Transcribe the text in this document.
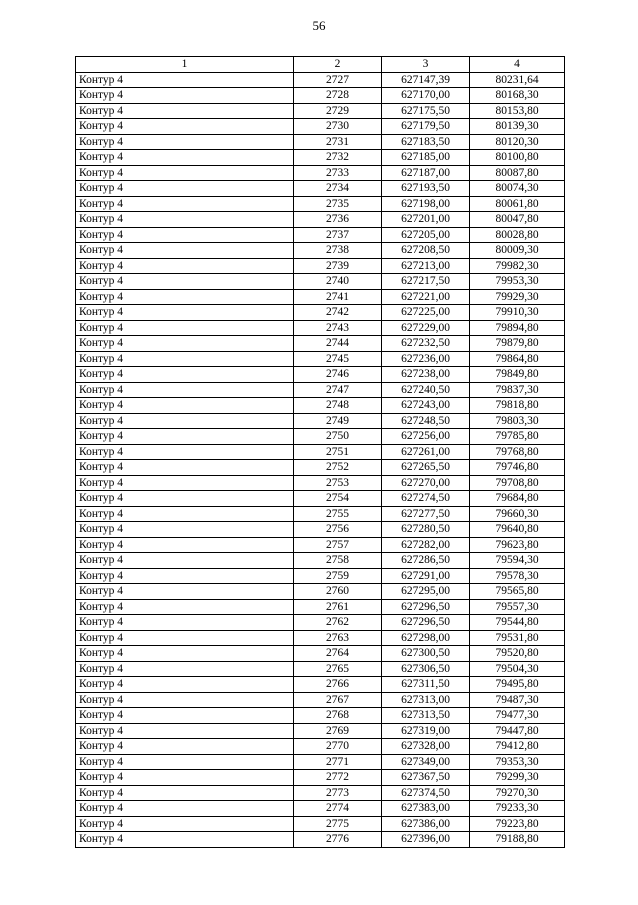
56
1	2	3	4
Контур 4	2727	627147,39	80231,64
Контур 4	2728	627170,00	80168,30
Контур 4	2729	627175,50	80153,80
Контур 4	2730	627179,50	80139,30
Контур 4	2731	627183,50	80120,30
Контур 4	2732	627185,00	80100,80
Контур 4	2733	627187,00	80087,80
Контур 4	2734	627193,50	80074,30
Контур 4	2735	627198,00	80061,80
Контур 4	2736	627201,00	80047,80
Контур 4	2737	627205,00	80028,80
Контур 4	2738	627208,50	80009,30
Контур 4	2739	627213,00	79982,30
Контур 4	2740	627217,50	79953,30
Контур 4	2741	627221,00	79929,30
Контур 4	2742	627225,00	79910,30
Контур 4	2743	627229,00	79894,80
Контур 4	2744	627232,50	79879,80
Контур 4	2745	627236,00	79864,80
Контур 4	2746	627238,00	79849,80
Контур 4	2747	627240,50	79837,30
Контур 4	2748	627243,00	79818,80
Контур 4	2749	627248,50	79803,30
Контур 4	2750	627256,00	79785,80
Контур 4	2751	627261,00	79768,80
Контур 4	2752	627265,50	79746,80
Контур 4	2753	627270,00	79708,80
Контур 4	2754	627274,50	79684,80
Контур 4	2755	627277,50	79660,30
Контур 4	2756	627280,50	79640,80
Контур 4	2757	627282,00	79623,80
Контур 4	2758	627286,50	79594,30
Контур 4	2759	627291,00	79578,30
Контур 4	2760	627295,00	79565,80
Контур 4	2761	627296,50	79557,30
Контур 4	2762	627296,50	79544,80
Контур 4	2763	627298,00	79531,80
Контур 4	2764	627300,50	79520,80
Контур 4	2765	627306,50	79504,30
Контур 4	2766	627311,50	79495,80
Контур 4	2767	627313,00	79487,30
Контур 4	2768	627313,50	79477,30
Контур 4	2769	627319,00	79447,80
Контур 4	2770	627328,00	79412,80
Контур 4	2771	627349,00	79353,30
Контур 4	2772	627367,50	79299,30
Контур 4	2773	627374,50	79270,30
Контур 4	2774	627383,00	79233,30
Контур 4	2775	627386,00	79223,80
Контур 4	2776	627396,00	79188,80
